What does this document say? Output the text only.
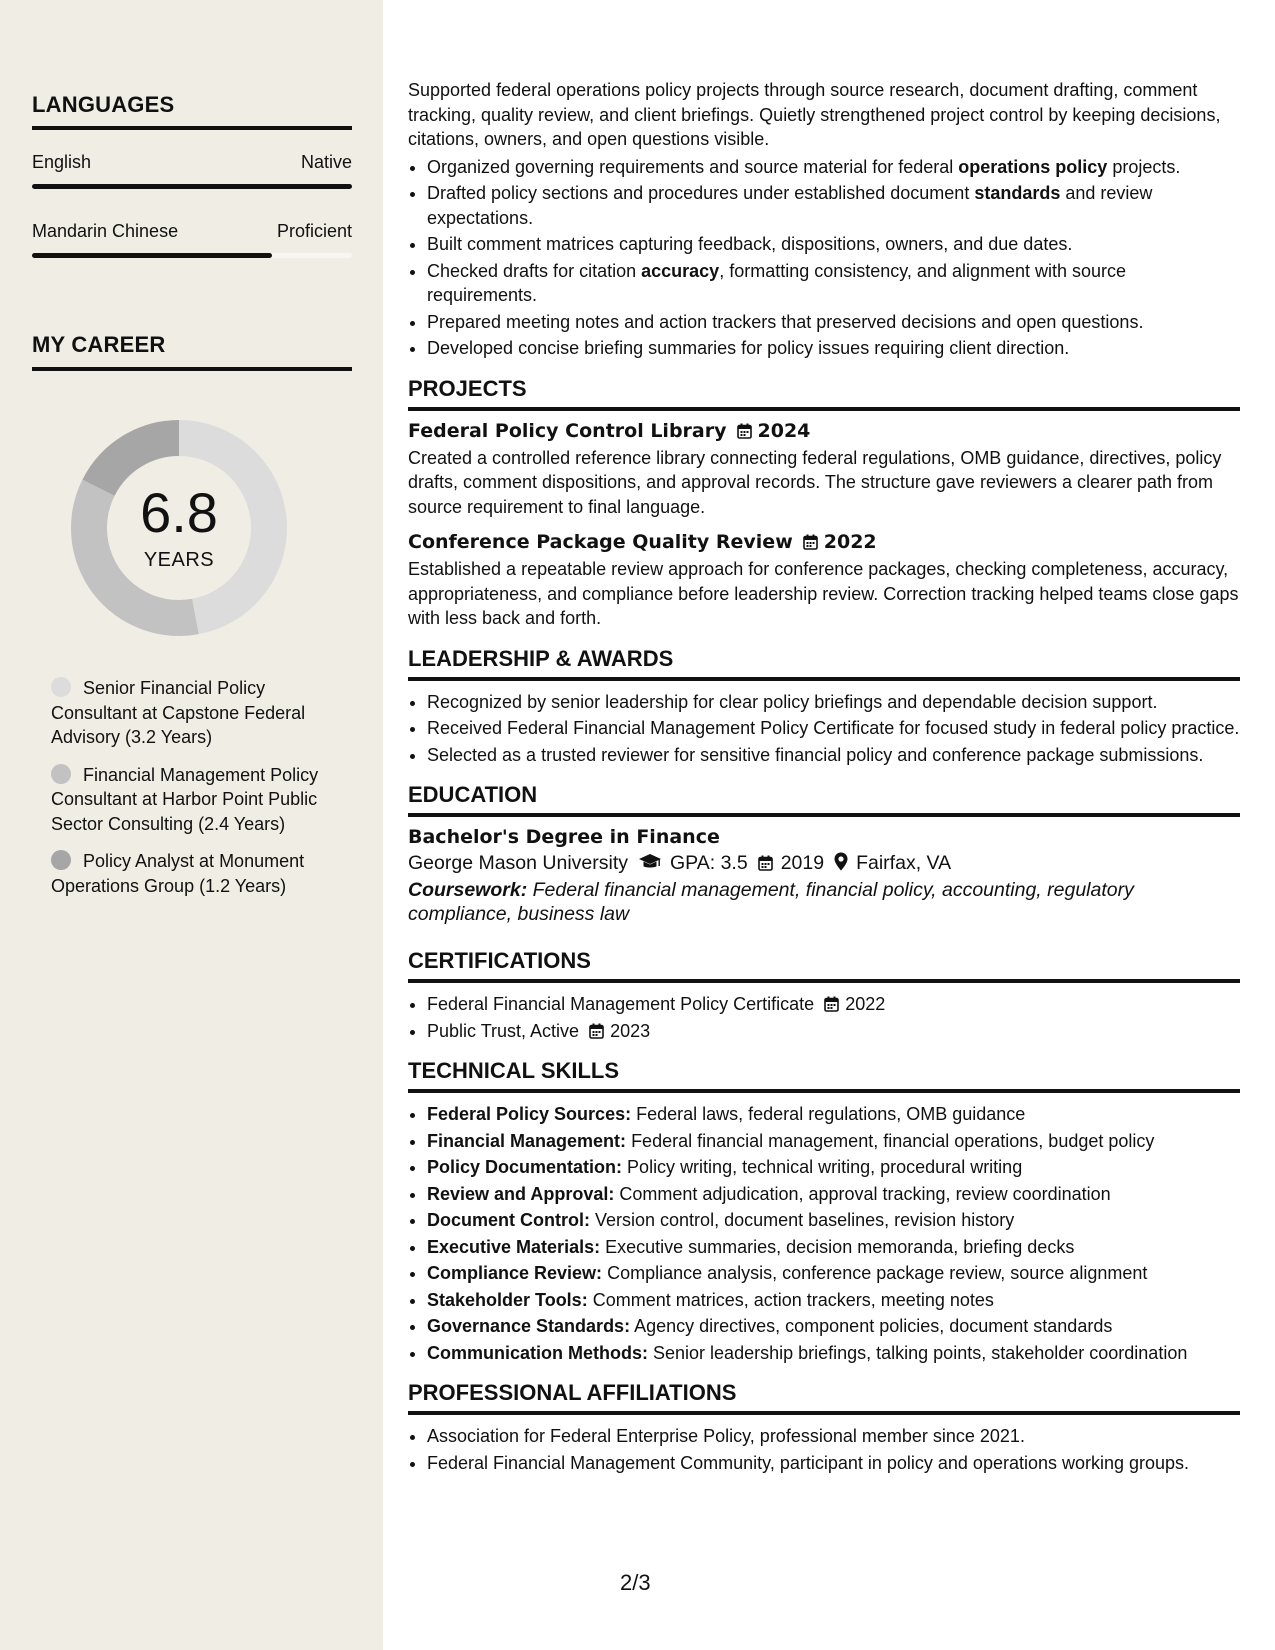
LANGUAGES
English	Native
Mandarin Chinese	Proficient
MY CAREER
6.8
YEARS
Senior Financial Policy Consultant at Capstone Federal Advisory (3.2 Years)
Financial Management Policy Consultant at Harbor Point Public Sector Consulting (2.4 Years)
Policy Analyst at Monument Operations Group (1.2 Years)

Supported federal operations policy projects through source research, document drafting, comment tracking, quality review, and client briefings. Quietly strengthened project control by keeping decisions, citations, owners, and open questions visible.

• Organized governing requirements and source material for federal operations policy projects.
• Drafted policy sections and procedures under established document standards and review expectations.
• Built comment matrices capturing feedback, dispositions, owners, and due dates.
• Checked drafts for citation accuracy, formatting consistency, and alignment with source requirements.
• Prepared meeting notes and action trackers that preserved decisions and open questions.
• Developed concise briefing summaries for policy issues requiring client direction.
PROJECTS
Federal Policy Control Library 2024

Created a controlled reference library connecting federal regulations, OMB guidance, directives, policy drafts, comment dispositions, and approval records. The structure gave reviewers a clearer path from source requirement to final language.

Conference Package Quality Review 2022

Established a repeatable review approach for conference packages, checking completeness, accuracy, appropriateness, and compliance before leadership review. Correction tracking helped teams close gaps with less back and forth.

LEADERSHIP & AWARDS
• Recognized by senior leadership for clear policy briefings and dependable decision support.
• Received Federal Financial Management Policy Certificate for focused study in federal policy practice.
• Selected as a trusted reviewer for sensitive financial policy and conference package submissions.
EDUCATION
Bachelor's Degree in Finance
George Mason University GPA: 3.5 2019 Fairfax, VA

Coursework: Federal financial management, financial policy, accounting, regulatory compliance, business law

CERTIFICATIONS
• Federal Financial Management Policy Certificate 2022
• Public Trust, Active 2023
TECHNICAL SKILLS
• Federal Policy Sources: Federal laws, federal regulations, OMB guidance
• Financial Management: Federal financial management, financial operations, budget policy
• Policy Documentation: Policy writing, technical writing, procedural writing
• Review and Approval: Comment adjudication, approval tracking, review coordination
• Document Control: Version control, document baselines, revision history
• Executive Materials: Executive summaries, decision memoranda, briefing decks
• Compliance Review: Compliance analysis, conference package review, source alignment
• Stakeholder Tools: Comment matrices, action trackers, meeting notes
• Governance Standards: Agency directives, component policies, document standards
• Communication Methods: Senior leadership briefings, talking points, stakeholder coordination
PROFESSIONAL AFFILIATIONS
• Association for Federal Enterprise Policy, professional member since 2021.
• Federal Financial Management Community, participant in policy and operations working groups.
2/3
